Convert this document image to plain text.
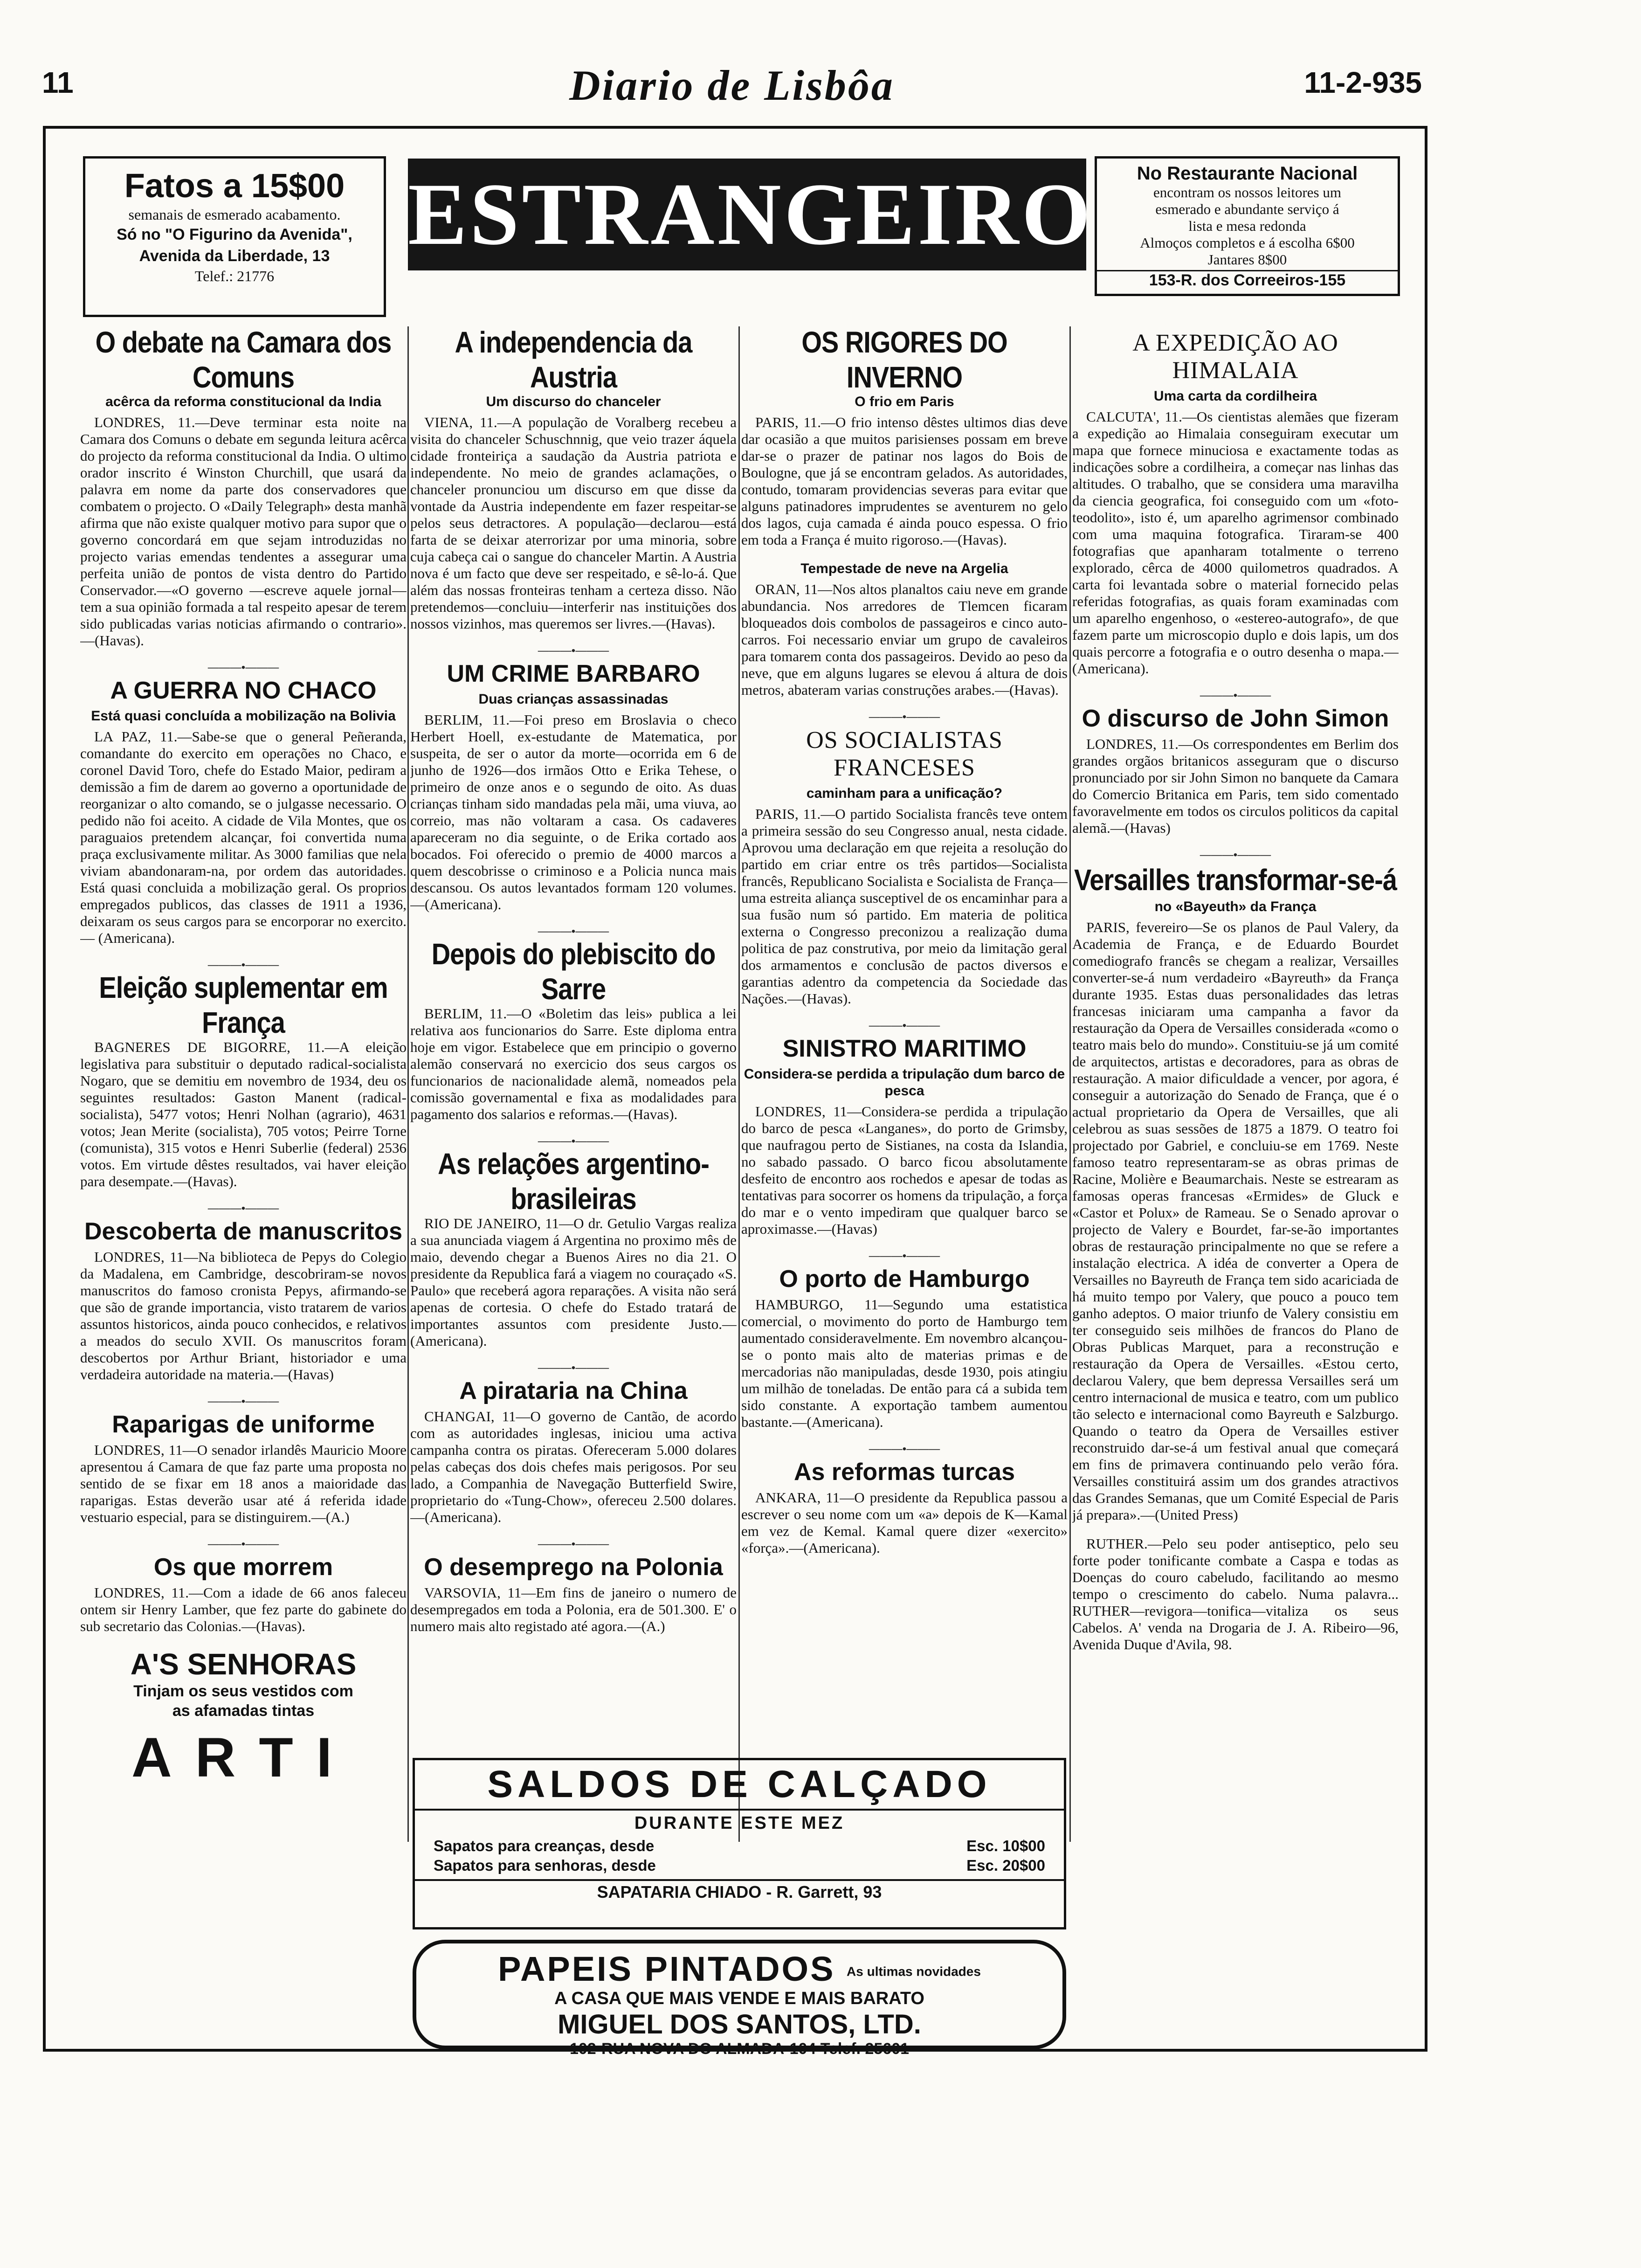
11	Diario de Lisbôa	11-2-935
Fatos a 15$00
semanais de esmerado acabamento.
Só no "O Figurino da Avenida",
Avenida da Liberdade, 13
Telef.: 21776
ESTRANGEIRO	No Restaurante Nacional
encontram os nossos leitores um
esmerado e abundante serviço á
lista e mesa redonda
Almoços completos e á escolha 6$00
Jantares 8$00
153-R. dos Correeiros-155
O debate na Camara dos Comuns
acêrca da reforma constitucional da India

LONDRES, 11.—Deve terminar esta noite na Camara dos Comuns o debate em segunda leitura acêrca do projecto da reforma constitucional da India. O ultimo orador inscrito é Winston Churchill, que usará da palavra em nome da parte dos conservadores que combatem o projecto. O «Daily Telegraph» desta manhã afirma que não existe qualquer motivo para supor que o governo concordará em que sejam introduzidas no projecto varias emendas tendentes a assegurar uma perfeita união de pontos de vista dentro do Partido Conservador.—«O governo —escreve aquele jornal—tem a sua opinião formada a tal respeito apesar de terem sido publicadas varias noticias afirmando o contrario».—(Havas).

———•———
A GUERRA NO CHACO
Está quasi concluída a mobilização na Bolivia

LA PAZ, 11.—Sabe-se que o general Peñeranda, comandante do exercito em operações no Chaco, e coronel David Toro, chefe do Estado Maior, pediram a demissão a fim de darem ao governo a oportunidade de reorganizar o alto comando, se o julgasse necessario. O pedido não foi aceito. A cidade de Vila Montes, que os paraguaios pretendem alcançar, foi convertida numa praça exclusivamente militar. As 3000 familias que nela viviam abandonaram-na, por ordem das autoridades. Está quasi concluida a mobilização geral. Os proprios empregados publicos, das classes de 1911 a 1936, deixaram os seus cargos para se encorporar no exercito. — (Americana).

———•———
Eleição suplementar em França

BAGNERES DE BIGORRE, 11.—A eleição legislativa para substituir o deputado radical-socialista Nogaro, que se demitiu em novembro de 1934, deu os seguintes resultados: Gaston Manent (radical-socialista), 5477 votos; Henri Nolhan (agrario), 4631 votos; Jean Merite (socialista), 705 votos; Peirre Torne (comunista), 315 votos e Henri Suberlie (federal) 2536 votos. Em virtude dêstes resultados, vai haver eleição para desempate.—(Havas).

———•———
Descoberta de manuscritos

LONDRES, 11—Na biblioteca de Pepys do Colegio da Madalena, em Cambridge, descobriram-se novos manuscritos do famoso cronista Pepys, afirmando-se que são de grande importancia, visto tratarem de varios assuntos historicos, ainda pouco conhecidos, e relativos a meados do seculo XVII. Os manuscritos foram descobertos por Arthur Briant, historiador e uma verdadeira autoridade na materia.—(Havas)

———•———
Raparigas de uniforme

LONDRES, 11—O senador irlandês Mauricio Moore apresentou á Camara de que faz parte uma proposta no sentido de se fixar em 18 anos a maioridade das raparigas. Estas deverão usar até á referida idade vestuario especial, para se distinguirem.—(A.)

———•———
Os que morrem

LONDRES, 11.—Com a idade de 66 anos faleceu ontem sir Henry Lamber, que fez parte do gabinete do sub secretario das Colonias.—(Havas).

A'S SENHORAS
Tinjam os seus vestidos com
as afamadas tintas
ARTI
A independencia da Austria
Um discurso do chanceler

VIENA, 11.—A população de Voralberg recebeu a visita do chanceler Schuschnnig, que veio trazer áquela cidade fronteiriça a saudação da Austria patriota e independente. No meio de grandes aclamações, o chanceler pronunciou um discurso em que disse da vontade da Austria independente em fazer respeitar-se pelos seus detractores. A população—declarou—está farta de se deixar aterrorizar por uma minoria, sobre cuja cabeça cai o sangue do chanceler Martin. A Austria nova é um facto que deve ser respeitado, e sê-lo-á. Que além das nossas fronteiras tenham a certeza disso. Não pretendemos—concluiu—interferir nas instituições dos nossos vizinhos, mas queremos ser livres.—(Havas).

———•———
UM CRIME BARBARO
Duas crianças assassinadas

BERLIM, 11.—Foi preso em Broslavia o checo Herbert Hoell, ex-estudante de Matematica, por suspeita, de ser o autor da morte—ocorrida em 6 de junho de 1926—dos irmãos Otto e Erika Tehese, o primeiro de onze anos e o segundo de oito. As duas crianças tinham sido mandadas pela mãi, uma viuva, ao correio, mas não voltaram a casa. Os cadaveres apareceram no dia seguinte, o de Erika cortado aos bocados. Foi oferecido o premio de 4000 marcos a quem descobrisse o criminoso e a Policia nunca mais descansou. Os autos levantados formam 120 volumes.—(Americana).

———•———
Depois do plebiscito do Sarre

BERLIM, 11.—O «Boletim das leis» publica a lei relativa aos funcionarios do Sarre. Este diploma entra hoje em vigor. Estabelece que em principio o governo alemão conservará no exercicio dos seus cargos os funcionarios de nacionalidade alemã, nomeados pela comissão governamental e fixa as modalidades para pagamento dos salarios e reformas.—(Havas).

———•———
As relações argentino-brasileiras

RIO DE JANEIRO, 11—O dr. Getulio Vargas realiza a sua anunciada viagem á Argentina no proximo mês de maio, devendo chegar a Buenos Aires no dia 21. O presidente da Republica fará a viagem no couraçado «S. Paulo» que receberá agora reparações. A visita não será apenas de cortesia. O chefe do Estado tratará de importantes assuntos com presidente Justo.—(Americana).

———•———
A pirataria na China

CHANGAI, 11—O governo de Cantão, de acordo com as autoridades inglesas, iniciou uma activa campanha contra os piratas. Ofereceram 5.000 dolares pelas cabeças dos dois chefes mais perigosos. Por seu lado, a Companhia de Navegação Butterfield Swire, proprietario do «Tung-Chow», ofereceu 2.500 dolares.—(Americana).

———•———
O desemprego na Polonia

VARSOVIA, 11—Em fins de janeiro o numero de desempregados em toda a Polonia, era de 501.300. E' o numero mais alto registado até agora.—(A.)

OS RIGORES DO INVERNO
O frio em Paris

PARIS, 11.—O frio intenso dêstes ultimos dias deve dar ocasião a que muitos parisienses possam em breve dar-se o prazer de patinar nos lagos do Bois de Boulogne, que já se encontram gelados. As autoridades, contudo, tomaram providencias severas para evitar que alguns patinadores imprudentes se aventurem no gelo dos lagos, cuja camada é ainda pouco espessa. O frio em toda a França é muito rigoroso.—(Havas).

Tempestade de neve na Argelia

ORAN, 11—Nos altos planaltos caiu neve em grande abundancia. Nos arredores de Tlemcen ficaram bloqueados dois combolos de passageiros e cinco auto-carros. Foi necessario enviar um grupo de cavaleiros para tomarem conta dos passageiros. Devido ao peso da neve, que em alguns lugares se elevou á altura de dois metros, abateram varias construções arabes.—(Havas).

———•———
OS SOCIALISTAS FRANCESES
caminham para a unificação?

PARIS, 11.—O partido Socialista francês teve ontem a primeira sessão do seu Congresso anual, nesta cidade. Aprovou uma declaração em que rejeita a resolução do partido em criar entre os três partidos—Socialista francês, Republicano Socialista e Socialista de França—uma estreita aliança susceptivel de os encaminhar para a sua fusão num só partido. Em materia de politica externa o Congresso preconizou a realização duma politica de paz construtiva, por meio da limitação geral dos armamentos e conclusão de pactos diversos e garantias adentro da competencia da Sociedade das Nações.—(Havas).

———•———
SINISTRO MARITIMO
Considera-se perdida a tripulação dum barco de pesca

LONDRES, 11—Considera-se perdida a tripulação do barco de pesca «Langanes», do porto de Grimsby, que naufragou perto de Sistianes, na costa da Islandia, no sabado passado. O barco ficou absolutamente desfeito de encontro aos rochedos e apesar de todas as tentativas para socorrer os homens da tripulação, a força do mar e o vento impediram que qualquer barco se aproximasse.—(Havas)

———•———
O porto de Hamburgo

HAMBURGO, 11—Segundo uma estatistica comercial, o movimento do porto de Hamburgo tem aumentado consideravelmente. Em novembro alcançou-se o ponto mais alto de materias primas e de mercadorias não manipuladas, desde 1930, pois atingiu um milhão de toneladas. De então para cá a subida tem sido constante. A exportação tambem aumentou bastante.—(Americana).

———•———
As reformas turcas

ANKARA, 11—O presidente da Republica passou a escrever o seu nome com um «a» depois de K—Kamal em vez de Kemal. Kamal quere dizer «exercito» «força».—(Americana).

A EXPEDIÇÃO AO HIMALAIA
Uma carta da cordilheira

CALCUTA', 11.—Os cientistas alemães que fizeram a expedição ao Himalaia conseguiram executar um mapa que fornece minuciosa e exactamente todas as indicações sobre a cordilheira, a começar nas linhas das altitudes. O trabalho, que se considera uma maravilha da ciencia geografica, foi conseguido com um «foto-teodolito», isto é, um aparelho agrimensor combinado com uma maquina fotografica. Tiraram-se 400 fotografias que apanharam totalmente o terreno explorado, cêrca de 4000 quilometros quadrados. A carta foi levantada sobre o material fornecido pelas referidas fotografias, as quais foram examinadas com um aparelho engenhoso, o «estereo-autografo», de que fazem parte um microscopio duplo e dois lapis, um dos quais percorre a fotografia e o outro desenha o mapa.—(Americana).

———•———
O discurso de John Simon

LONDRES, 11.—Os correspondentes em Berlim dos grandes orgãos britanicos asseguram que o discurso pronunciado por sir John Simon no banquete da Camara do Comercio Britanica em Paris, tem sido comentado favoravelmente em todos os circulos politicos da capital alemã.—(Havas)

———•———
Versailles transformar-se-á
no «Bayeuth» da França

PARIS, fevereiro—Se os planos de Paul Valery, da Academia de França, e de Eduardo Bourdet comediografo francês se chegam a realizar, Versailles converter-se-á num verdadeiro «Bayreuth» da França durante 1935. Estas duas personalidades das letras francesas iniciaram uma campanha a favor da restauração da Opera de Versailles considerada «como o teatro mais belo do mundo». Constituiu-se já um comité de arquitectos, artistas e decoradores, para as obras de restauração. A maior dificuldade a vencer, por agora, é conseguir a autorização do Senado de França, que é o actual proprietario da Opera de Versailles, que ali celebrou as suas sessões de 1875 a 1879. O teatro foi projectado por Gabriel, e concluiu-se em 1769. Neste famoso teatro representaram-se as obras primas de Racine, Molière e Beaumarchais. Neste se estrearam as famosas operas francesas «Ermides» de Gluck e «Castor et Polux» de Rameau. Se o Senado aprovar o projecto de Valery e Bourdet, far-se-ão importantes obras de restauração principalmente no que se refere a instalação electrica. A idéa de converter a Opera de Versailles no Bayreuth de França tem sido acariciada de há muito tempo por Valery, que pouco a pouco tem ganho adeptos. O maior triunfo de Valery consistiu em ter conseguido seis milhões de francos do Plano de Obras Publicas Marquet, para a reconstrução e restauração da Opera de Versailles. «Estou certo, declarou Valery, que bem depressa Versailles será um centro internacional de musica e teatro, com um publico tão selecto e internacional como Bayreuth e Salzburgo. Quando o teatro da Opera de Versailles estiver reconstruido dar-se-á um festival anual que começará em fins de primavera continuando pelo verão fóra. Versailles constituirá assim um dos grandes atractivos das Grandes Semanas, que um Comité Especial de Paris já prepara».—(United Press)

RUTHER.—Pelo seu poder antiseptico, pelo seu forte poder tonificante combate a Caspa e todas as Doenças do couro cabeludo, facilitando ao mesmo tempo o crescimento do cabelo. Numa palavra... RUTHER—revigora—tonifica—vitaliza os seus Cabelos. A' venda na Drogaria de J. A. Ribeiro—96, Avenida Duque d'Avila, 98.

SALDOS DE CALÇADO
DURANTE ESTE MEZ
Sapatos para creanças, desde	Esc. 10$00
Sapatos para senhoras, desde	Esc. 20$00
SAPATARIA CHIADO - R. Garrett, 93
PAPEIS PINTADOS As ultimas novidades
A CASA QUE MAIS VENDE E MAIS BARATO
MIGUEL DOS SANTOS, LTD.
102-RUA NOVA DO ALMADA-104 Telef. 25601
